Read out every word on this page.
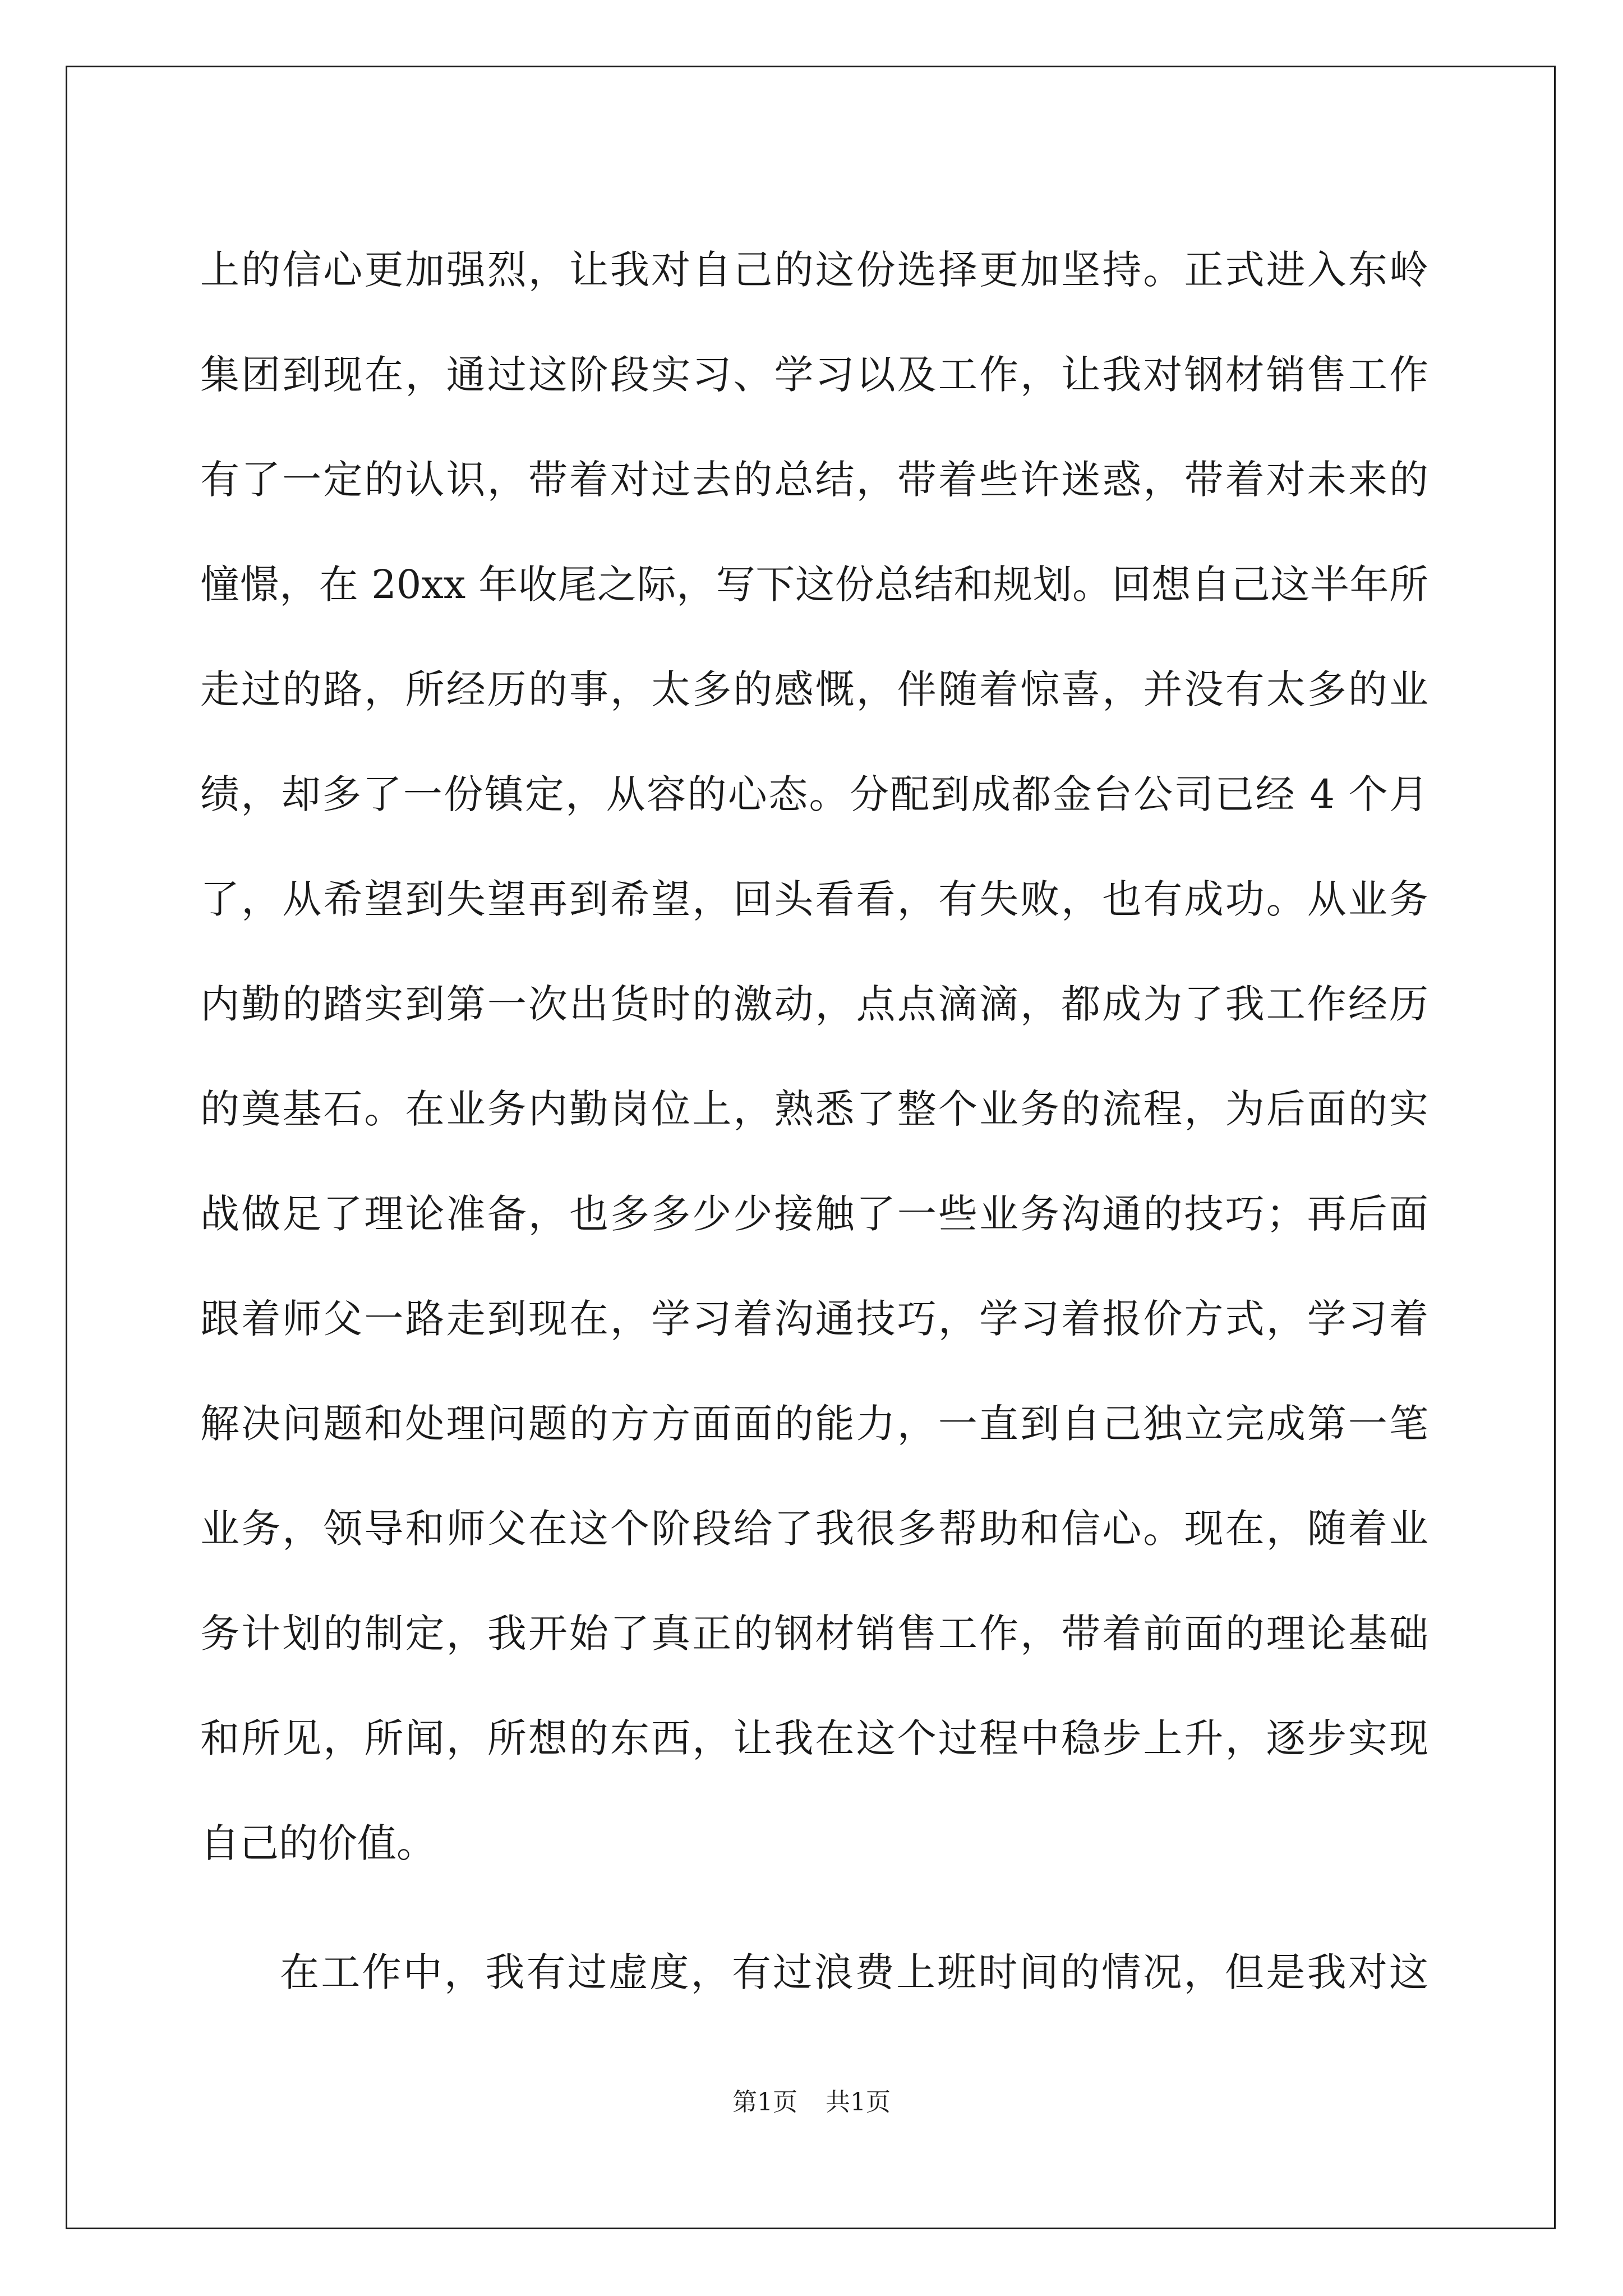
上的信心更加强烈，让我对自己的这份选择更加坚持。正式进入东岭
集团到现在，通过这阶段实习、学习以及工作，让我对钢材销售工作
有了一定的认识，带着对过去的总结，带着些许迷惑，带着对未来的
憧憬，在 20xx 年收尾之际，写下这份总结和规划。回想自己这半年所
走过的路，所经历的事，太多的感慨，伴随着惊喜，并没有太多的业
绩，却多了一份镇定，从容的心态。分配到成都金台公司已经 4 个月
了，从希望到失望再到希望，回头看看，有失败，也有成功。从业务
内勤的踏实到第一次出货时的激动，点点滴滴，都成为了我工作经历
的奠基石。在业务内勤岗位上，熟悉了整个业务的流程，为后面的实
战做足了理论准备，也多多少少接触了一些业务沟通的技巧；再后面
跟着师父一路走到现在，学习着沟通技巧，学习着报价方式，学习着
解决问题和处理问题的方方面面的能力，一直到自己独立完成第一笔
业务，领导和师父在这个阶段给了我很多帮助和信心。现在，随着业
务计划的制定，我开始了真正的钢材销售工作，带着前面的理论基础
和所见，所闻，所想的东西，让我在这个过程中稳步上升，逐步实现
自己的价值。
在工作中，我有过虚度，有过浪费上班时间的情况，但是我对这
第1页 共1页
